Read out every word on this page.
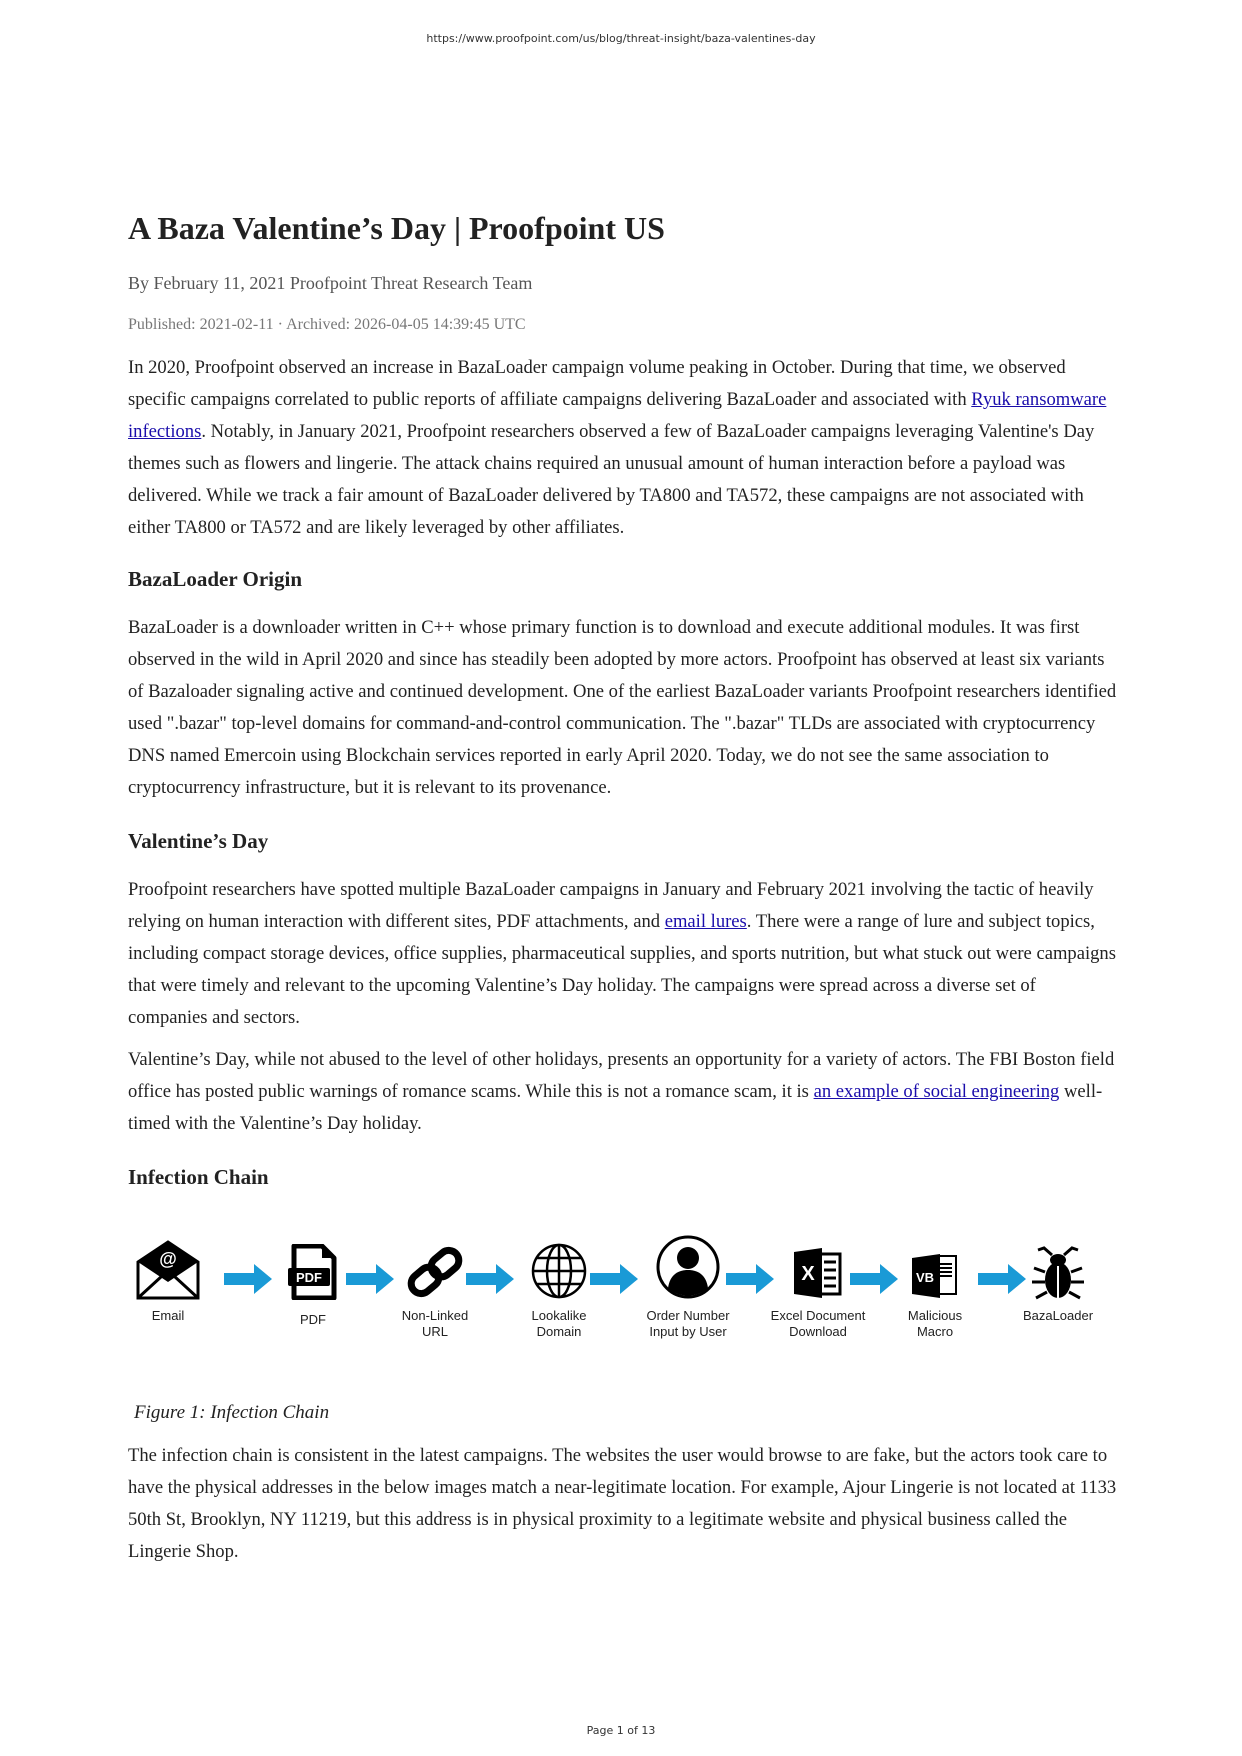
https://www.proofpoint.com/us/blog/threat-insight/baza-valentines-day
A Baza Valentine’s Day | Proofpoint US
By February 11, 2021 Proofpoint Threat Research Team
Published: 2021-02-11 · Archived: 2026-04-05 14:39:45 UTC

In 2020, Proofpoint observed an increase in BazaLoader campaign volume peaking in October. During that time, we observed specific campaigns correlated to public reports of affiliate campaigns delivering BazaLoader and associated with Ryuk ransomware infections. Notably, in January 2021, Proofpoint researchers observed a few of BazaLoader campaigns leveraging Valentine's Day themes such as flowers and lingerie. The attack chains required an unusual amount of human interaction before a payload was delivered. While we track a fair amount of BazaLoader delivered by TA800 and TA572, these campaigns are not associated with either TA800 or TA572 and are likely leveraged by other affiliates.

BazaLoader Origin

BazaLoader is a downloader written in C++ whose primary function is to download and execute additional modules. It was first observed in the wild in April 2020 and since has steadily been adopted by more actors. Proofpoint has observed at least six variants of Bazaloader signaling active and continued development. One of the earliest BazaLoader variants Proofpoint researchers identified used ".bazar" top-level domains for command-and-control communication. The ".bazar" TLDs are associated with cryptocurrency DNS named Emercoin using Blockchain services reported in early April 2020. Today, we do not see the same association to cryptocurrency infrastructure, but it is relevant to its provenance.

Valentine’s Day

Proofpoint researchers have spotted multiple BazaLoader campaigns in January and February 2021 involving the tactic of heavily relying on human interaction with different sites, PDF attachments, and email lures. There were a range of lure and subject topics, including compact storage devices, office supplies, pharmaceutical supplies, and sports nutrition, but what stuck out were campaigns that were timely and relevant to the upcoming Valentine’s Day holiday. The campaigns were spread across a diverse set of companies and sectors.

Valentine’s Day, while not abused to the level of other holidays, presents an opportunity for a variety of actors. The FBI Boston field office has posted public warnings of romance scams. While this is not a romance scam, it is an example of social engineering well-timed with the Valentine’s Day holiday.

Infection Chain
@
Email
PDF
PDF	Non-Linked
URL
Lookalike
Domain
Order Number
Input by User
X
Excel Document
Download
VB
Malicious
Macro
BazaLoader
Figure 1: Infection Chain

The infection chain is consistent in the latest campaigns. The websites the user would browse to are fake, but the actors took care to have the physical addresses in the below images match a near-legitimate location. For example, Ajour Lingerie is not located at 1133 50th St, Brooklyn, NY 11219, but this address is in physical proximity to a legitimate website and physical business called the Lingerie Shop.

Page 1 of 13
